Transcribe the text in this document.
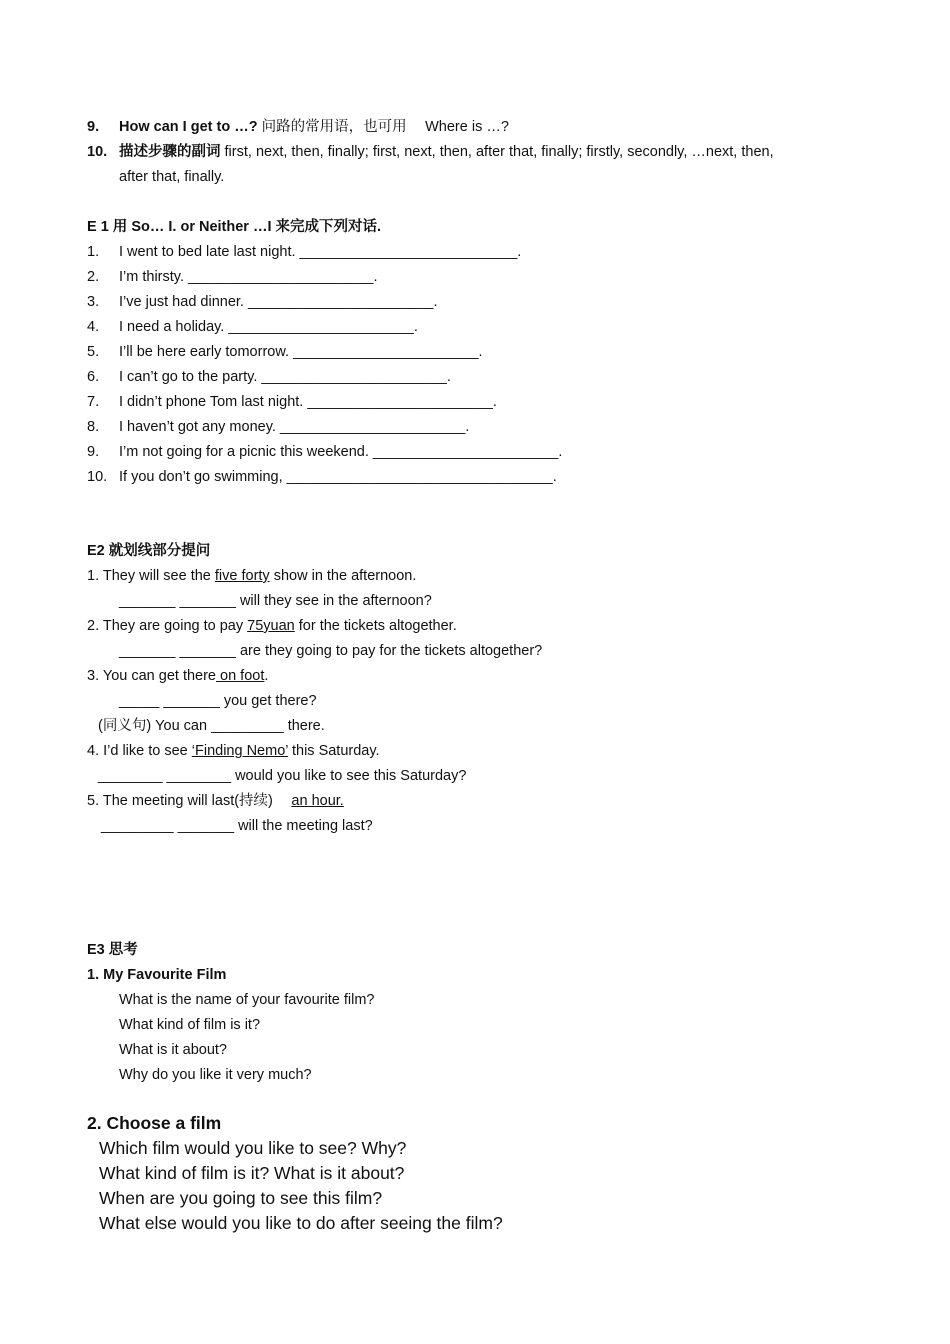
9. How can I get to …? 问路的常用语，也可用 　Where is …?
10. 描述步骤的副词 first, next, then, finally; first, next, then, after that, finally; firstly, secondly, …next, then,
after that, finally.
E 1 用 So… I. or Neither …I 来完成下列对话.
1. I went to bed late last night. ___________________________.
2. I’m thirsty. _______________________.
3. I’ve just had dinner. _______________________.
4. I need a holiday. _______________________.
5. I’ll be here early tomorrow. _______________________.
6. I can’t go to the party. _______________________.
7. I didn’t phone Tom last night. _______________________.
8. I haven’t got any money. _______________________.
9. I’m not going for a picnic this weekend. _______________________.
10. If you don’t go swimming, _________________________________.
E2 就划线部分提问
1. They will see the five forty show in the afternoon.
_______ _______ will they see in the afternoon?
2. They are going to pay 75yuan for the tickets altogether.
_______ _______ are they going to pay for the tickets altogether?
3. You can get there on foot.
_____ _______ you get there?
(同义句) You can _________ there.
4. I’d like to see ‘Finding Nemo’ this Saturday.
________ ________ would you like to see this Saturday?
5. The meeting will last(持续)　 an hour.
_________ _______ will the meeting last?
E3 思考
1. My Favourite Film
What is the name of your favourite film?
What kind of film is it?
What is it about?
Why do you like it very much?
2. Choose a film
Which film would you like to see? Why?
What kind of film is it? What is it about?
When are you going to see this film?
What else would you like to do after seeing the film?
